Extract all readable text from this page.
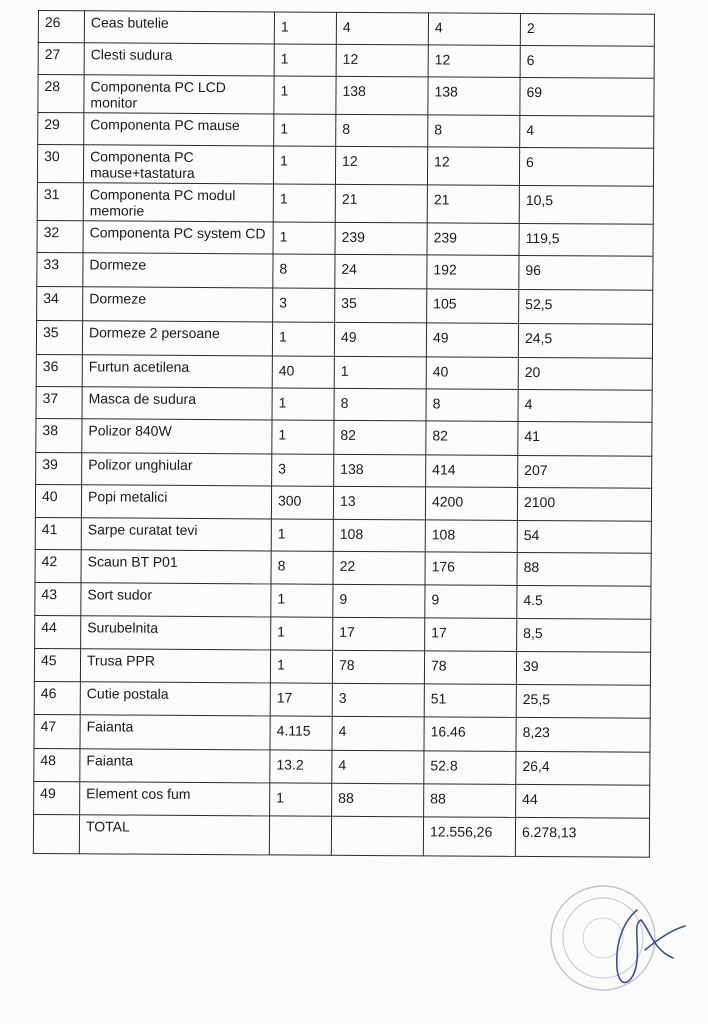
26	Ceas butelie	1	4	4	2
27	Clesti sudura	1	12	12	6
28	Componenta PC LCD monitor	1	138	138	69
29	Componenta PC mause	1	8	8	4
30	Componenta PC mause+tastatura	1	12	12	6
31	Componenta PC modul memorie	1	21	21	10,5
32	Componenta PC system CD	1	239	239	119,5
33	Dormeze	8	24	192	96
34	Dormeze	3	35	105	52,5
35	Dormeze 2 persoane	1	49	49	24,5
36	Furtun acetilena	40	1	40	20
37	Masca de sudura	1	8	8	4
38	Polizor 840W	1	82	82	41
39	Polizor unghiular	3	138	414	207
40	Popi metalici	300	13	4200	2100
41	Sarpe curatat tevi	1	108	108	54
42	Scaun BT P01	8	22	176	88
43	Sort sudor	1	9	9	4.5
44	Surubelnita	1	17	17	8,5
45	Trusa PPR	1	78	78	39
46	Cutie postala	17	3	51	25,5
47	Faianta	4.115	4	16.46	8,23
48	Faianta	13.2	4	52.8	26,4
49	Element cos fum	1	88	88	44
	TOTAL			12.556,26	6.278,13
